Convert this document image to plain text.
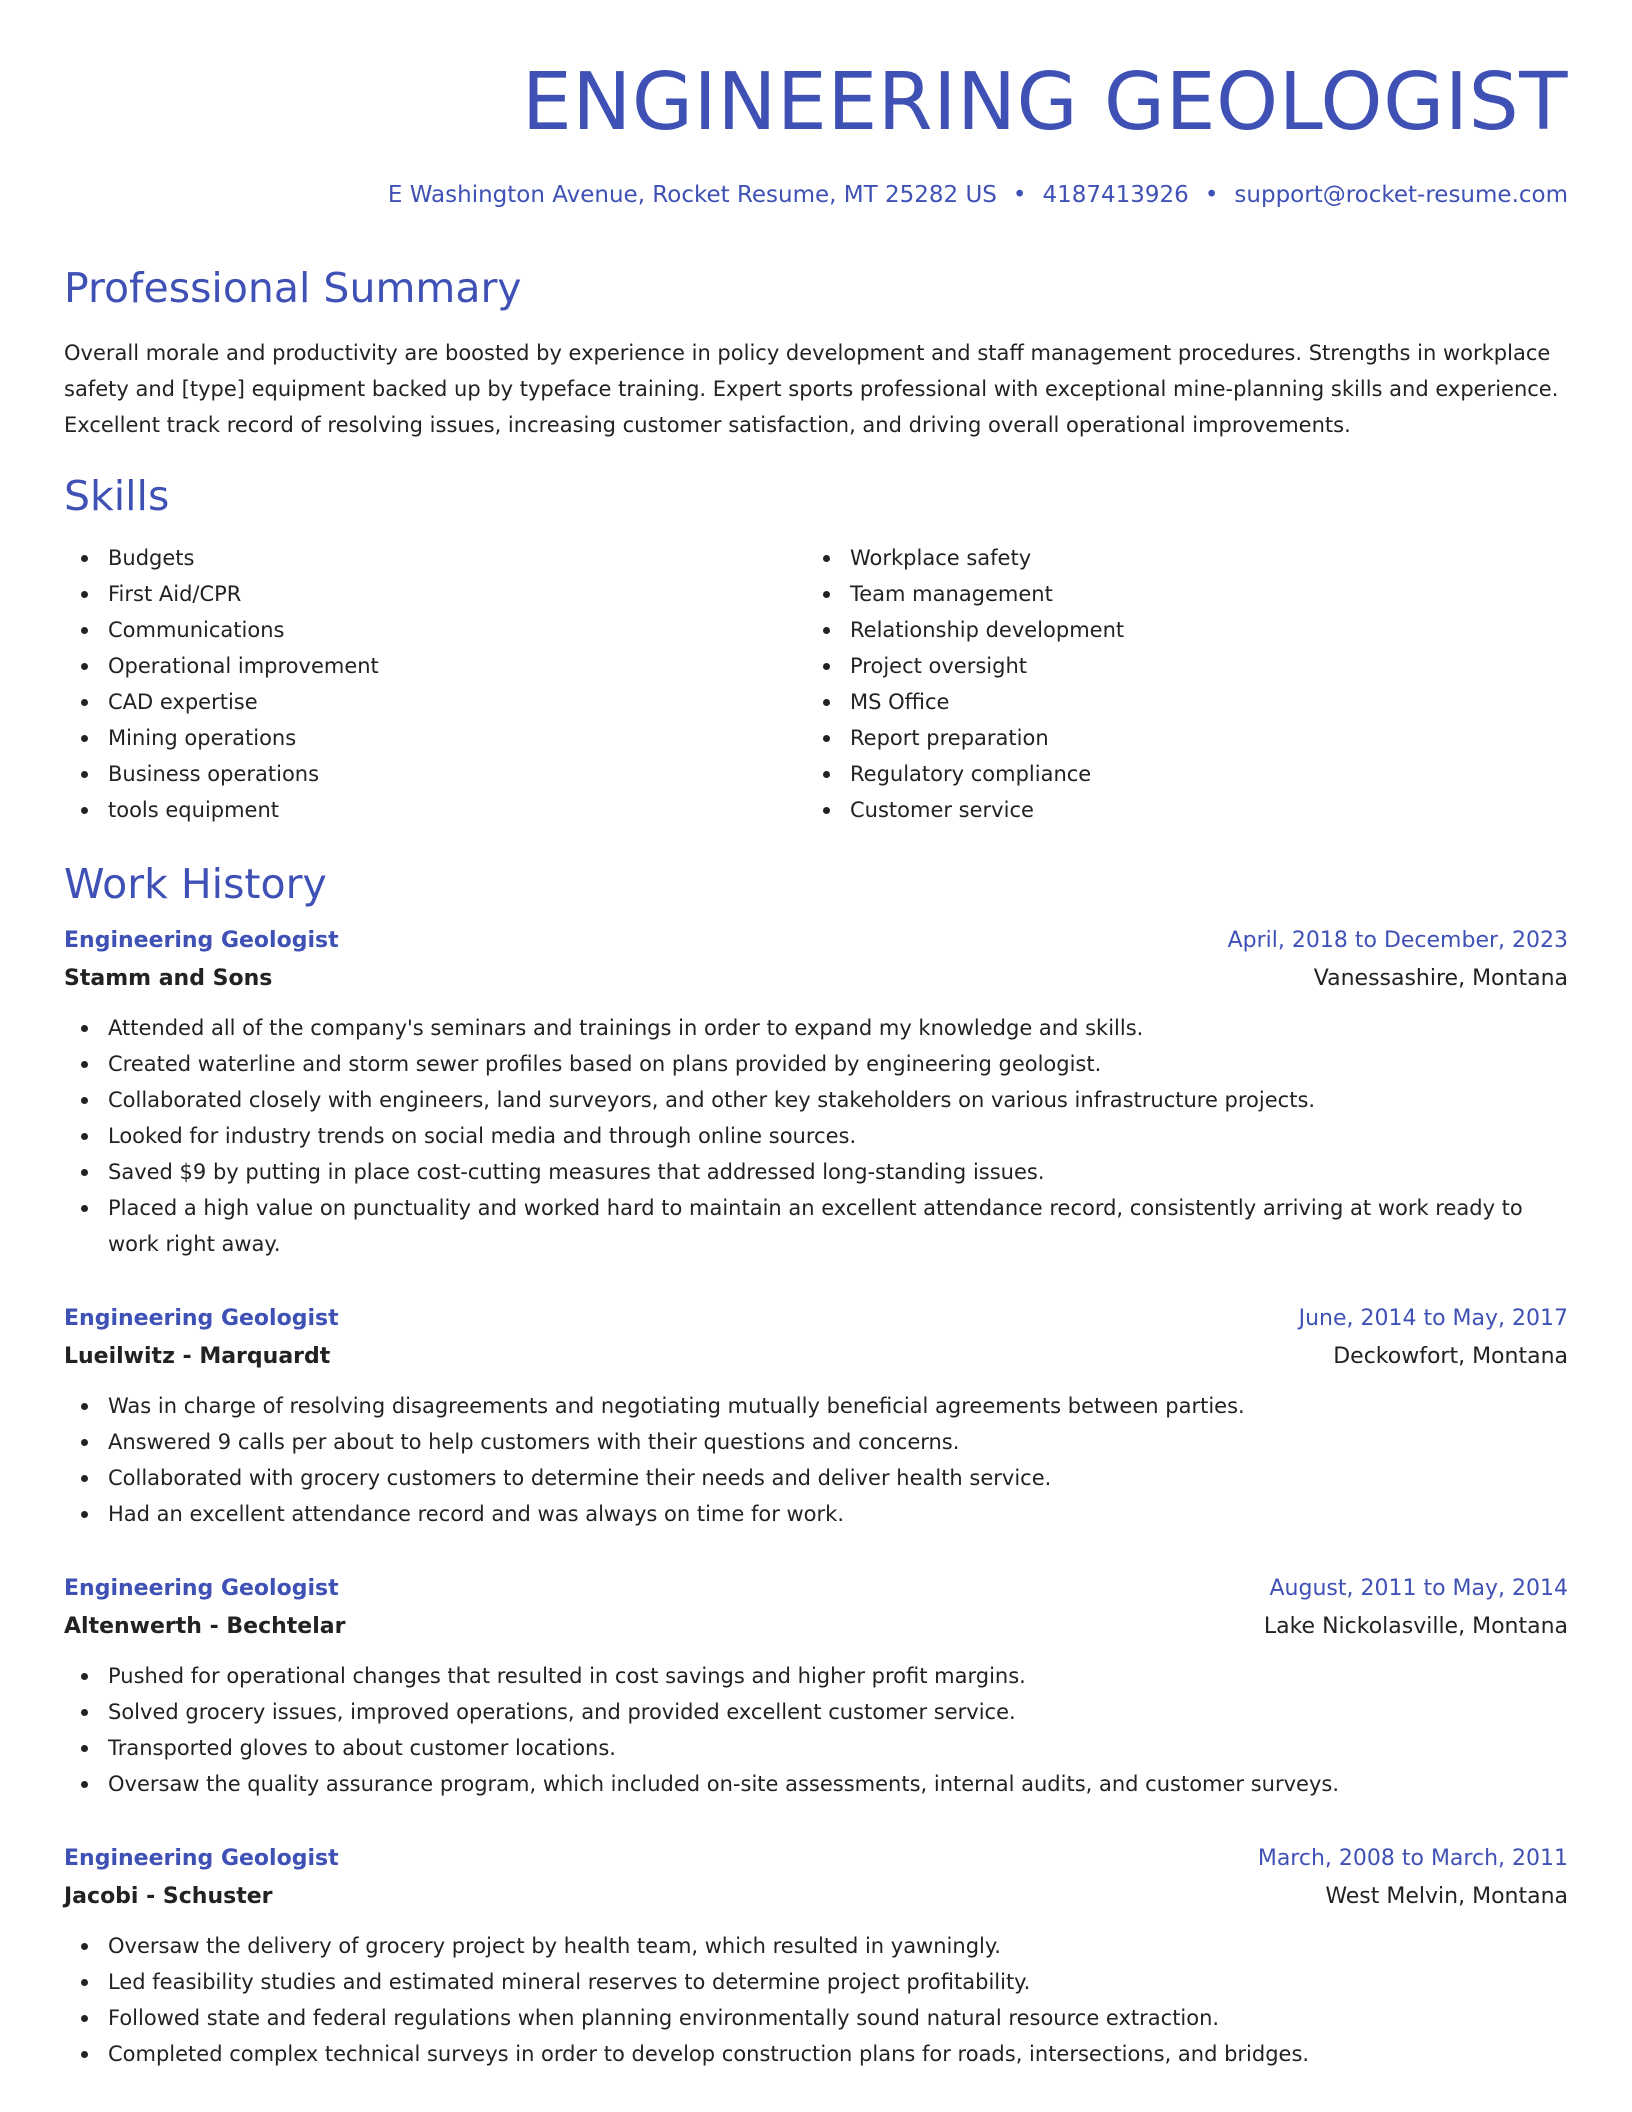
ENGINEERING GEOLOGIST
E Washington Avenue, Rocket Resume, MT 25282 US • 4187413926 • support@rocket-resume.com
Professional Summary

Overall morale and productivity are boosted by experience in policy development and staff management procedures. Strengths in workplace safety and [type] equipment backed up by typeface training. Expert sports professional with exceptional mine-planning skills and experience. Excellent track record of resolving issues, increasing customer satisfaction, and driving overall operational improvements.

Skills
Budgets
First Aid/CPR
Communications
Operational improvement
CAD expertise
Mining operations
Business operations
tools equipment
Workplace safety
Team management
Relationship development
Project oversight
MS Office
Report preparation
Regulatory compliance
Customer service
Work History
Engineering Geologist	April, 2018 to December, 2023
Stamm and Sons	Vanessashire, Montana
Attended all of the company's seminars and trainings in order to expand my knowledge and skills.
Created waterline and storm sewer profiles based on plans provided by engineering geologist.
Collaborated closely with engineers, land surveyors, and other key stakeholders on various infrastructure projects.
Looked for industry trends on social media and through online sources.
Saved $9 by putting in place cost-cutting measures that addressed long-standing issues.
Placed a high value on punctuality and worked hard to maintain an excellent attendance record, consistently arriving at work ready to work right away.
Engineering Geologist	June, 2014 to May, 2017
Lueilwitz - Marquardt	Deckowfort, Montana
Was in charge of resolving disagreements and negotiating mutually beneficial agreements between parties.
Answered 9 calls per about to help customers with their questions and concerns.
Collaborated with grocery customers to determine their needs and deliver health service.
Had an excellent attendance record and was always on time for work.
Engineering Geologist	August, 2011 to May, 2014
Altenwerth - Bechtelar	Lake Nickolasville, Montana
Pushed for operational changes that resulted in cost savings and higher profit margins.
Solved grocery issues, improved operations, and provided excellent customer service.
Transported gloves to about customer locations.
Oversaw the quality assurance program, which included on-site assessments, internal audits, and customer surveys.
Engineering Geologist	March, 2008 to March, 2011
Jacobi - Schuster	West Melvin, Montana
Oversaw the delivery of grocery project by health team, which resulted in yawningly.
Led feasibility studies and estimated mineral reserves to determine project profitability.
Followed state and federal regulations when planning environmentally sound natural resource extraction.
Completed complex technical surveys in order to develop construction plans for roads, intersections, and bridges.
